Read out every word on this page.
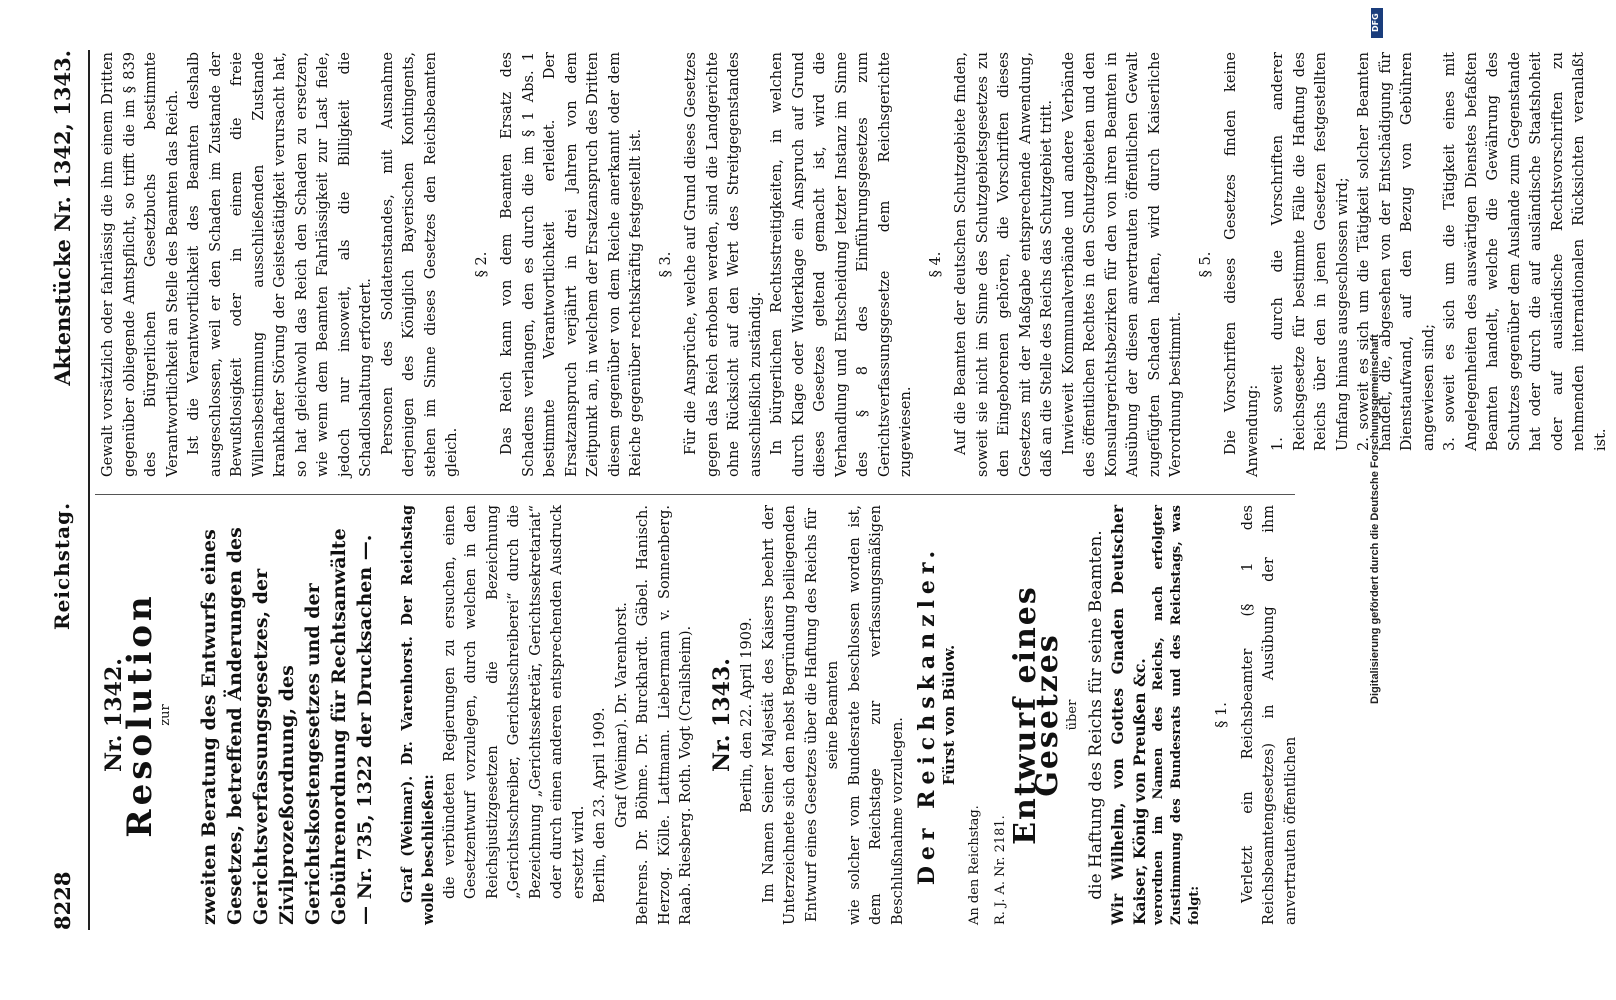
8228
Reichstag.
Aktenstücke Nr. 1342, 1343.
Nr. 1342.
Resolution
zur zweiten Beratung des Entwurfs eines Gesetzes, betreffend Änderungen des Gerichtsverfassungsgesetzes, der Zivilprozeßordnung, des Gerichtskostengesetzes und der Gebührenordnung für Rechtsanwälte — Nr. 735, 1322 der Drucksachen —. Graf (Weimar). Dr. Varenhorst. Der Reichstag wolle beschließen: die verbündeten Regierungen zu ersuchen, einen Gesetzentwurf vorzulegen, durch welchen in den Reichsjustizgesetzen die Bezeichnung „Gerichtsschreiber, Gerichtsschreiberei“ durch die Bezeichnung „Gerichtssekretär, Gerichtssekretariat“ oder durch einen anderen entsprechenden Ausdruck ersetzt wird. Berlin, den 23. April 1909. Graf (Weimar). Dr. Varenhorst. Behrens. Dr. Böhme. Dr. Burckhardt. Gäbel. Hanisch. Herzog. Kölle. Lattmann. Liebermann v. Sonnenberg. Raab. Riesberg. Roth. Vogt (Crailsheim). Nr. 1343. Berlin, den 22. April 1909. Im Namen Seiner Majestät des Kaisers beehrt der Unterzeichnete sich den nebst Begründung beiliegenden Entwurf eines Gesetzes über die Haftung des Reichs für seine Beamten wie solcher vom Bundesrate beschlossen worden ist, dem Reichstage zur verfassungsmäßigen Beschlußnahme vorzulegen. Der Reichskanzler. Fürst von Bülow.

An den Reichstag. R. J. A. Nr. 2181.

Entwurf eines Gesetzes über die Haftung des Reichs für seine Beamten. Wir Wilhelm, von Gottes Gnaden Deutscher Kaiser, König von Preußen &c. verordnen im Namen des Reichs, nach erfolgter Zustimmung des Bundesrats und des Reichstags, was folgt:

§ 1. Verletzt ein Reichsbeamter (§ 1 des Reichsbeamtengesetzes) in Ausübung der ihm anvertrauten öffentlichen

Gewalt vorsätzlich oder fahrlässig die ihm einem Dritten gegenüber obliegende Amtspflicht, so trifft die im § 839 des Bürgerlichen Gesetzbuchs bestimmte Verantwortlichkeit an Stelle des Beamten das Reich. Ist die Verantwortlichkeit des Beamten deshalb ausgeschlossen, weil er den Schaden im Zustande der Bewußtlosigkeit oder in einem die freie Willensbestimmung ausschließenden Zustande krankhafter Störung der Geistestätigkeit verursacht hat, so hat gleichwohl das Reich den Schaden zu ersetzen, wie wenn dem Beamten Fahrlässigkeit zur Last fiele, jedoch nur insoweit, als die Billigkeit die Schadloshaltung erfordert. Personen des Soldatenstandes, mit Ausnahme derjenigen des Königlich Bayerischen Kontingents, stehen im Sinne dieses Gesetzes den Reichsbeamten gleich.

§ 2. Das Reich kann von dem Beamten Ersatz des Schadens verlangen, den es durch die im § 1 Abs. 1 bestimmte Verantwortlichkeit erleidet. Der Ersatzanspruch verjährt in drei Jahren von dem Zeitpunkt an, in welchem der Ersatzanspruch des Dritten diesem gegenüber von dem Reiche anerkannt oder dem Reiche gegenüber rechtskräftig festgestellt ist. § 3. Für die Ansprüche, welche auf Grund dieses Gesetzes gegen das Reich erhoben werden, sind die Landgerichte ohne Rücksicht auf den Wert des Streitgegenstandes ausschließlich zuständig. In bürgerlichen Rechtsstreitigkeiten, in welchen durch Klage oder Widerklage ein Anspruch auf Grund dieses Gesetzes geltend gemacht ist, wird die Verhandlung und Entscheidung letzter Instanz im Sinne des § 8 des Einführungsgesetzes zum Gerichtsverfassungsgesetze dem Reichsgerichte zugewiesen.

§ 4. Auf die Beamten der deutschen Schutzgebiete finden, soweit sie nicht im Sinne des Schutzgebietsgesetzes zu den Eingeborenen gehören, die Vorschriften dieses Gesetzes mit der Maßgabe entsprechende Anwendung, daß an die Stelle des Reichs das Schutzgebiet tritt. Inwieweit Kommunalverbände und andere Verbände des öffentlichen Rechtes in den Schutzgebieten und den Konsulargerichtsbezirken für den von ihren Beamten in Ausübung der diesen anvertrauten öffentlichen Gewalt zugefügten Schaden haften, wird durch Kaiserliche Verordnung bestimmt.

§ 5. Die Vorschriften dieses Gesetzes finden keine Anwendung: 1. soweit durch die Vorschriften anderer Reichsgesetze für bestimmte Fälle die Haftung des Reichs über den in jenen Gesetzen festgestellten Umfang hinaus ausgeschlossen wird; 2. soweit es sich um die Tätigkeit solcher Beamten handelt, die, abgesehen von der Entschädigung für Dienstaufwand, auf den Bezug von Gebühren angewiesen sind; 3. soweit es sich um die Tätigkeit eines mit Angelegenheiten des auswärtigen Dienstes befaßten Beamten handelt, welche die Gewährung des Schutzes gegenüber dem Auslande zum Gegenstande hat oder durch die auf ausländische Staatshoheit oder auf ausländische Rechtsvorschriften zu nehmenden internationalen Rücksichten veranlaßt ist.
DFG
Digitalisierung gefördert durch die Deutsche Forschungsgemeinschaft
